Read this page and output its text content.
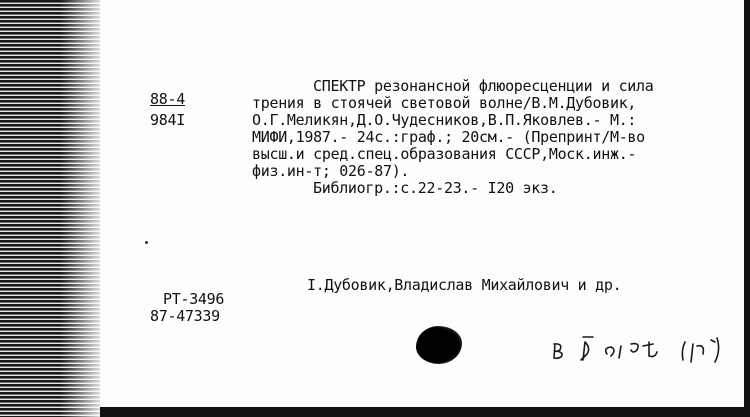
88-4
984I
СПЕКТР резонансной флюоресценции и сила
трения в стоячей световой волне/В.М.Дубовик,
О.Г.Меликян,Д.О.Чудесников,В.П.Яковлев.- М.:
МИФИ,1987.- 24с.:граф.; 20см.- (Препринт/М-во
высш.и сред.спец.образования СССР,Моск.инж.-
физ.ин-т; 026-87).
Библиогр.:с.22-23.- I20 экз.
I.Дубовик,Владислав Михайлович и др.
РТ-3496
87-47339
